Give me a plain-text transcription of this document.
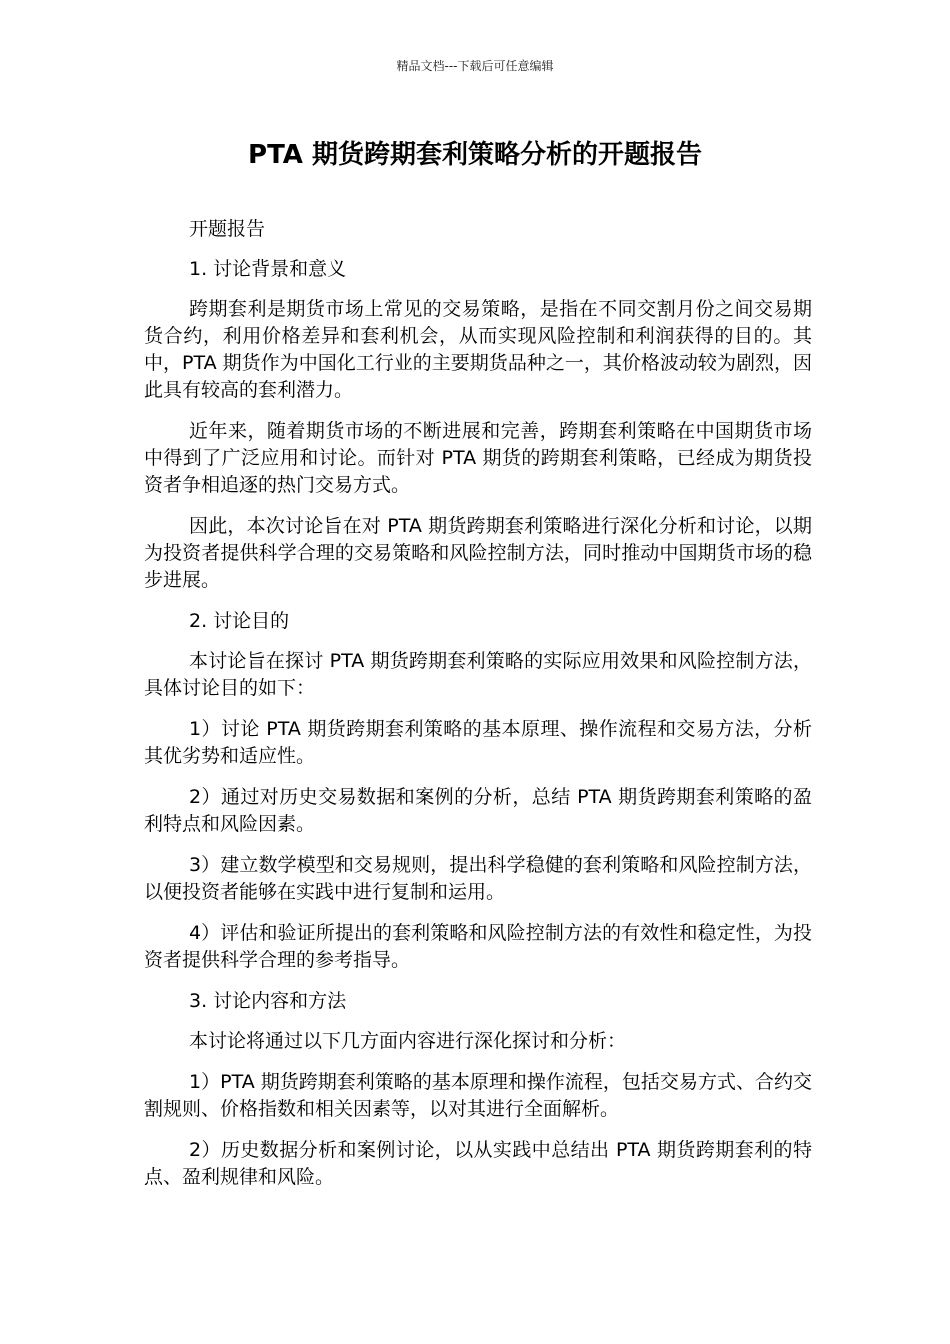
精品文档---下载后可任意编辑
PTA 期货跨期套利策略分析的开题报告

开题报告

1. 讨论背景和意义

跨期套利是期货市场上常见的交易策略，是指在不同交割月份之间交易期货合约，利用价格差异和套利机会，从而实现风险控制和利润获得的目的。其中，PTA 期货作为中国化工行业的主要期货品种之一，其价格波动较为剧烈，因此具有较高的套利潜力。

近年来，随着期货市场的不断进展和完善，跨期套利策略在中国期货市场中得到了广泛应用和讨论。而针对 PTA 期货的跨期套利策略，已经成为期货投资者争相追逐的热门交易方式。

因此，本次讨论旨在对 PTA 期货跨期套利策略进行深化分析和讨论，以期为投资者提供科学合理的交易策略和风险控制方法，同时推动中国期货市场的稳步进展。

2. 讨论目的

本讨论旨在探讨 PTA 期货跨期套利策略的实际应用效果和风险控制方法，具体讨论目的如下：

1）讨论 PTA 期货跨期套利策略的基本原理、操作流程和交易方法，分析其优劣势和适应性。

2）通过对历史交易数据和案例的分析，总结 PTA 期货跨期套利策略的盈利特点和风险因素。

3）建立数学模型和交易规则，提出科学稳健的套利策略和风险控制方法，以便投资者能够在实践中进行复制和运用。

4）评估和验证所提出的套利策略和风险控制方法的有效性和稳定性，为投资者提供科学合理的参考指导。

3. 讨论内容和方法

本讨论将通过以下几方面内容进行深化探讨和分析：

1）PTA 期货跨期套利策略的基本原理和操作流程，包括交易方式、合约交割规则、价格指数和相关因素等，以对其进行全面解析。

2）历史数据分析和案例讨论，以从实践中总结出 PTA 期货跨期套利的特点、盈利规律和风险。
